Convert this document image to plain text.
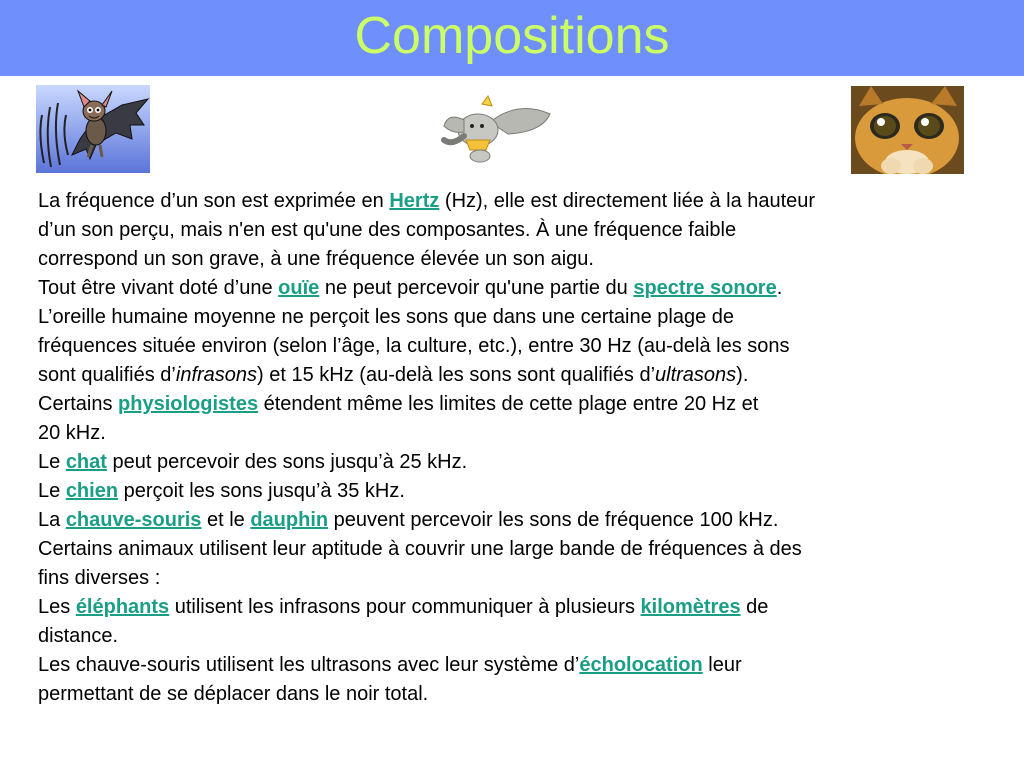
Compositions
La fréquence d’un son est exprimée en Hertz (Hz), elle est directement liée à la hauteur
d’un son perçu, mais n'en est qu'une des composantes. À une fréquence faible
correspond un son grave, à une fréquence élevée un son aigu.
Tout être vivant doté d’une ouïe ne peut percevoir qu'une partie du spectre sonore.
L’oreille humaine moyenne ne perçoit les sons que dans une certaine plage de
fréquences située environ (selon l’âge, la culture, etc.), entre 30 Hz (au-delà les sons
sont qualifiés d’infrasons) et 15 kHz (au-delà les sons sont qualifiés d’ultrasons).
Certains physiologistes étendent même les limites de cette plage entre 20 Hz et
20 kHz.
Le chat peut percevoir des sons jusqu’à 25 kHz.
Le chien perçoit les sons jusqu’à 35 kHz.
La chauve-souris et le dauphin peuvent percevoir les sons de fréquence 100 kHz.
Certains animaux utilisent leur aptitude à couvrir une large bande de fréquences à des
fins diverses :
Les éléphants utilisent les infrasons pour communiquer à plusieurs kilomètres de
distance.
Les chauve-souris utilisent les ultrasons avec leur système d’écholocation leur
permettant de se déplacer dans le noir total.
